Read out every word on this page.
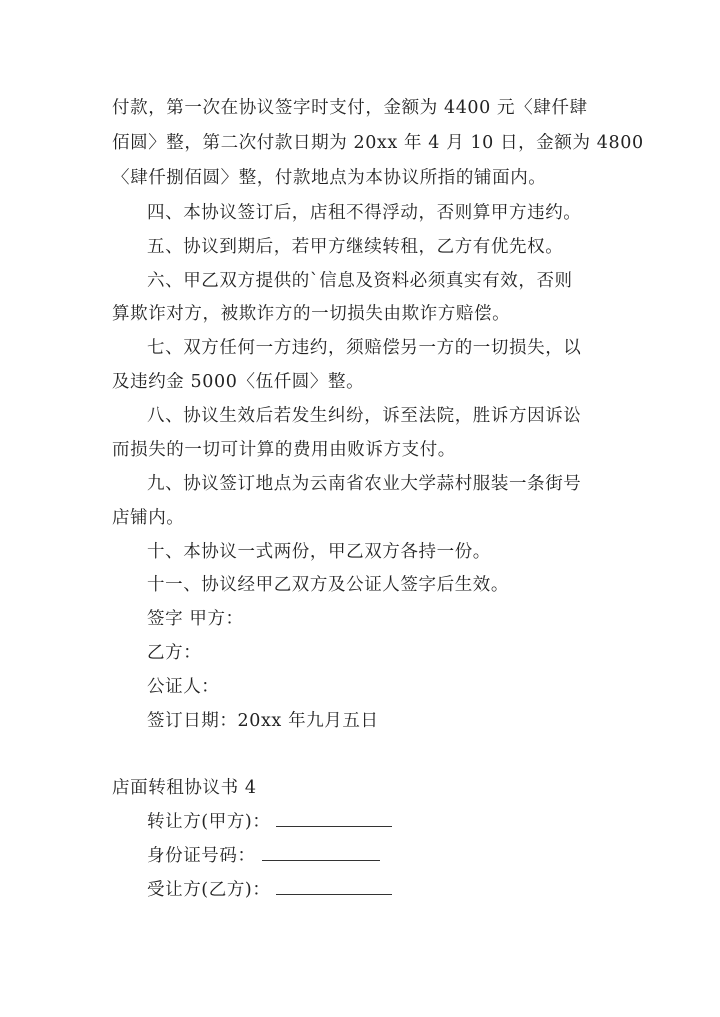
付款，第一次在协议签字时支付，金额为 4400 元〈肆仟肆
佰圆〉整，第二次付款日期为 20xx 年 4 月 10 日，金额为 4800
〈肆仟捌佰圆〉整，付款地点为本协议所指的铺面内。
四、本协议签订后，店租不得浮动，否则算甲方违约。
五、协议到期后，若甲方继续转租，乙方有优先权。
六、甲乙双方提供的`信息及资料必须真实有效，否则
算欺诈对方，被欺诈方的一切损失由欺诈方赔偿。
七、双方任何一方违约，须赔偿另一方的一切损失，以
及违约金 5000〈伍仟圆〉整。
八、协议生效后若发生纠纷，诉至法院，胜诉方因诉讼
而损失的一切可计算的费用由败诉方支付。
九、协议签订地点为云南省农业大学蒜村服装一条街号
店铺内。
十、本协议一式两份，甲乙双方各持一份。
十一、协议经甲乙双方及公证人签字后生效。
签字 甲方：
乙方：
公证人：
签订日期：20xx 年九月五日
店面转租协议书 4
转让方(甲方)：
身份证号码：
受让方(乙方)：
